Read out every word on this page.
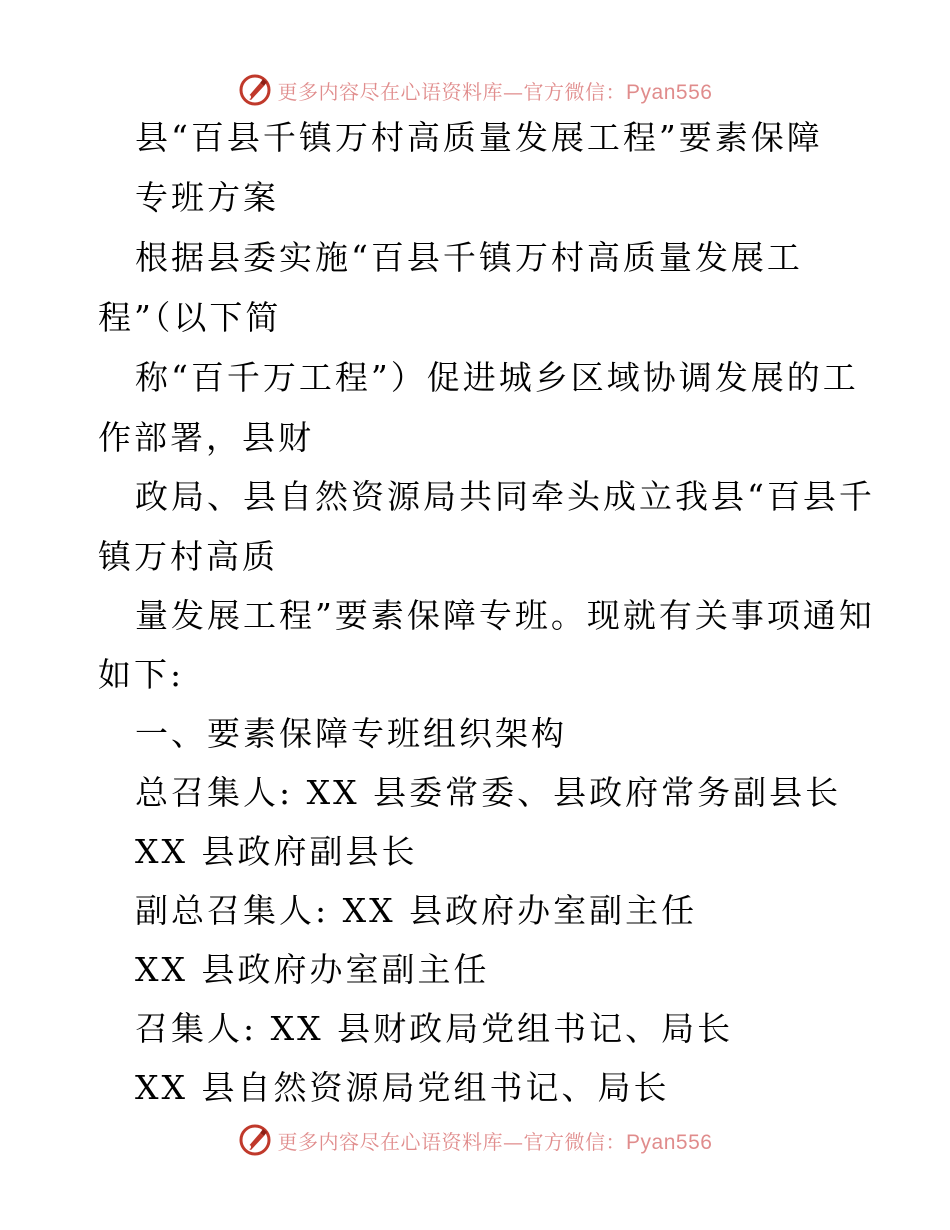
更多内容尽在心语资料库—官方微信：Pyan556
县“百县千镇万村高质量发展工程”要素保障
专班方案
根据县委实施“百县千镇万村高质量发展工
程”（以下简
称“百千万工程”）促进城乡区域协调发展的工
作部署，县财
政局、县自然资源局共同牵头成立我县“百县千
镇万村高质
量发展工程”要素保障专班。现就有关事项通知
如下:
一、要素保障专班组织架构
总召集人: XX 县委常委、县政府常务副县长
XX 县政府副县长
副总召集人: XX 县政府办室副主任
XX 县政府办室副主任
召集人: XX 县财政局党组书记、局长
XX 县自然资源局党组书记、局长
更多内容尽在心语资料库—官方微信：Pyan556
